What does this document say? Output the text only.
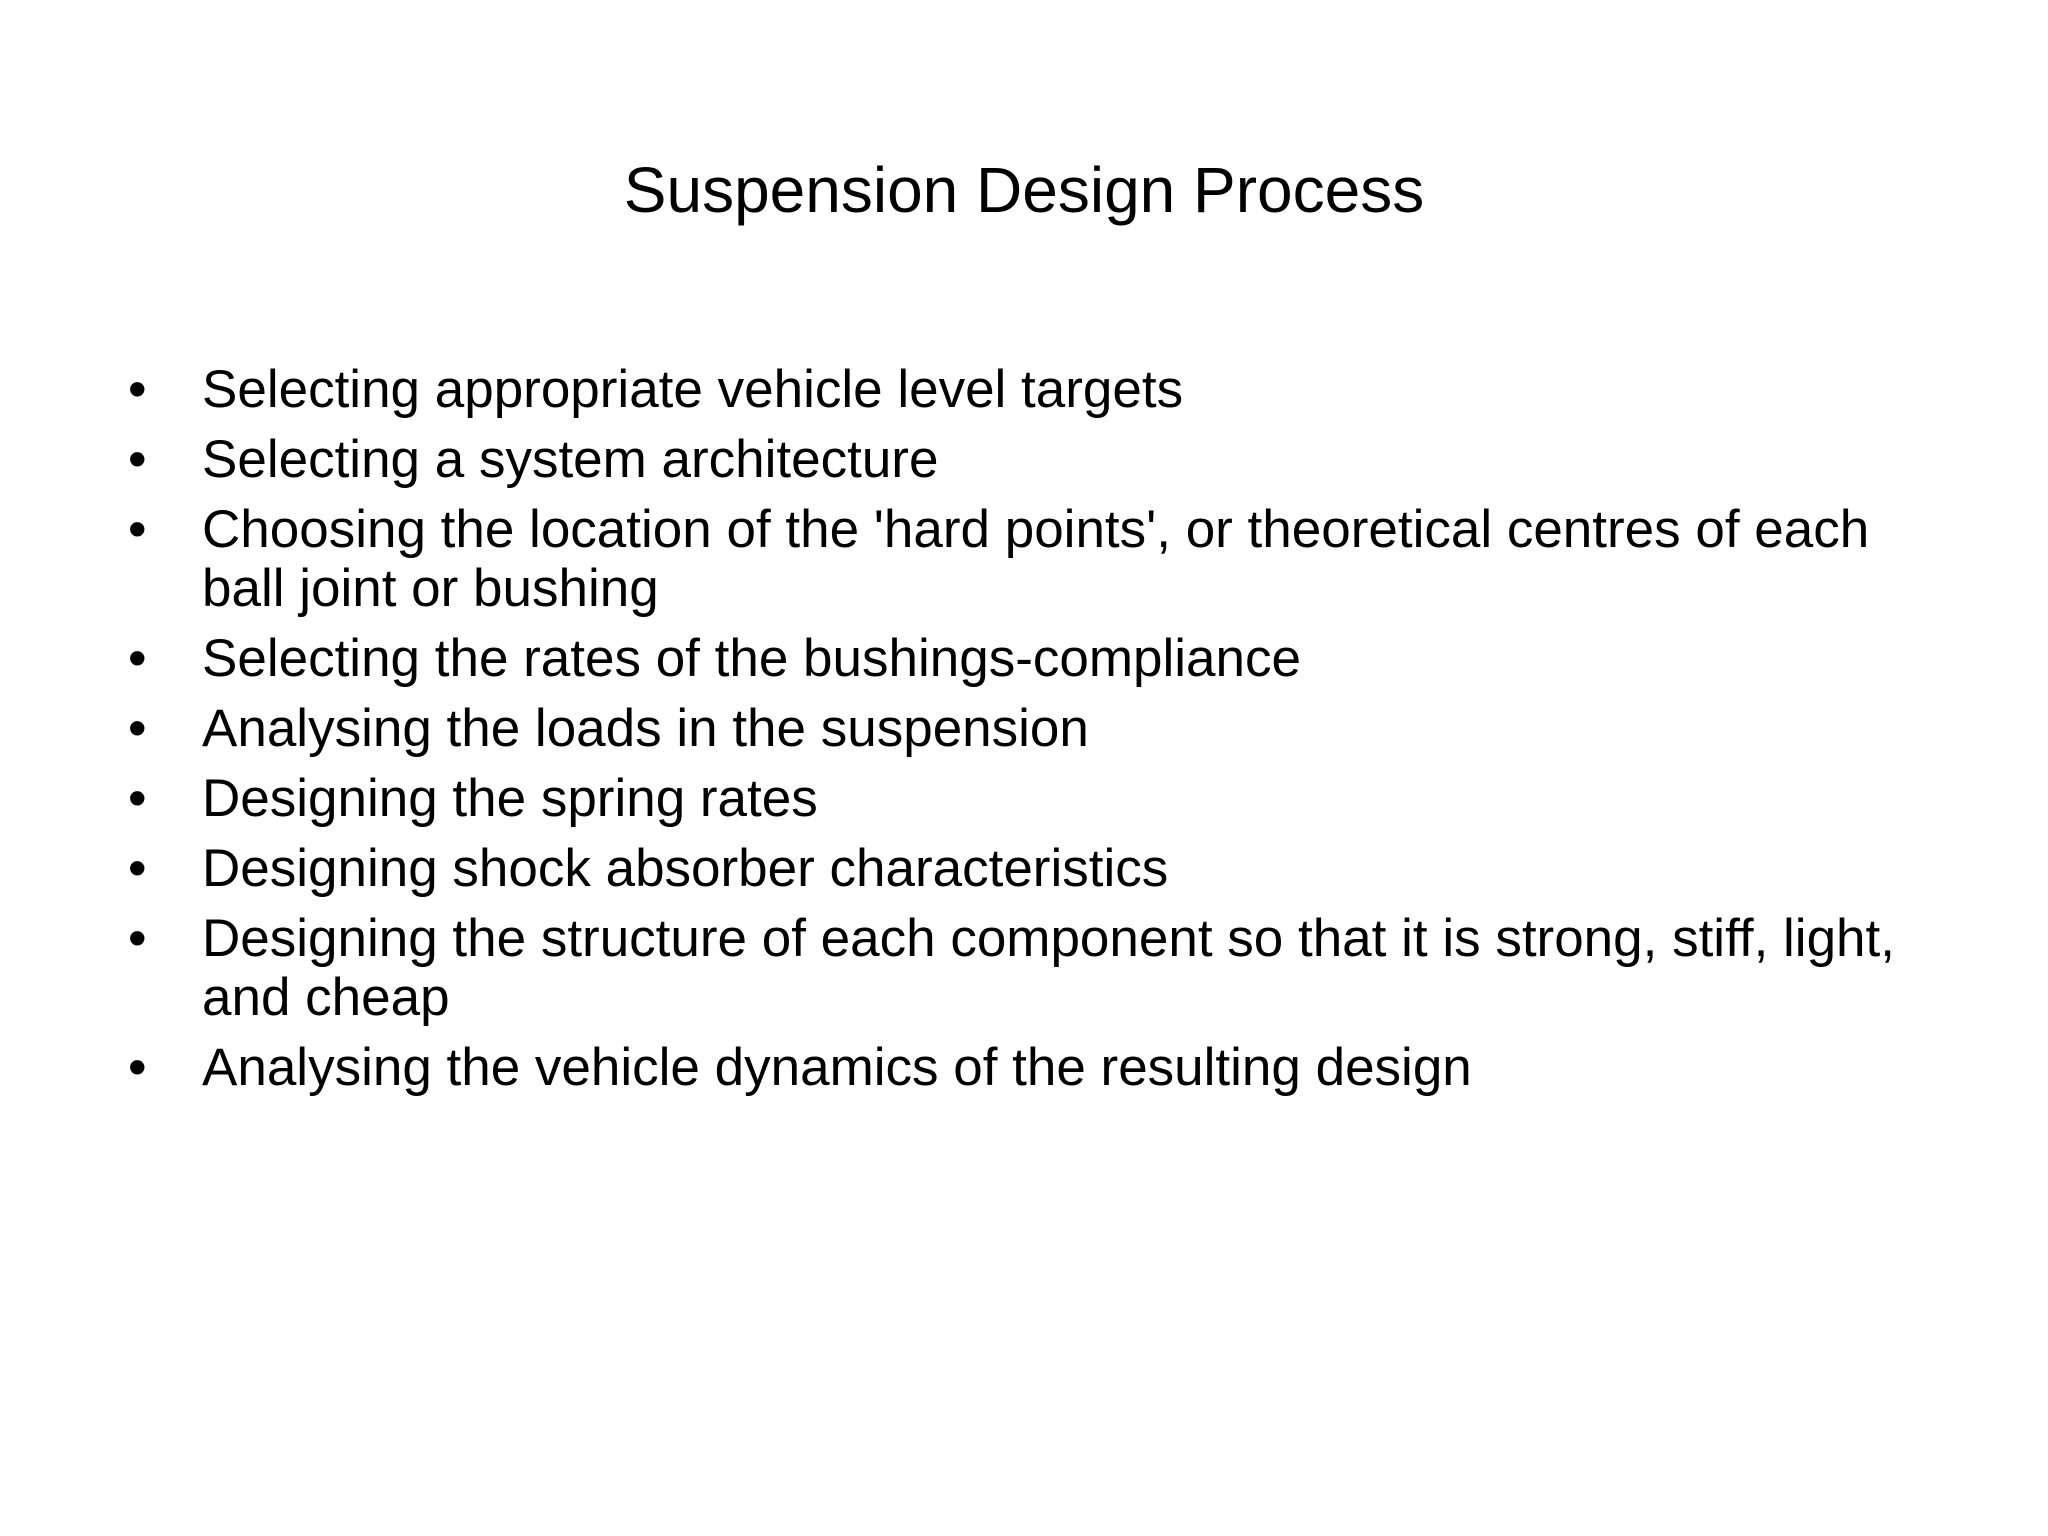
Suspension Design Process
•	Selecting appropriate vehicle level targets
•	Selecting a system architecture
•	Choosing the location of the 'hard points', or theoretical centres of each ball joint or bushing
•	Selecting the rates of the bushings-compliance
•	Analysing the loads in the suspension
•	Designing the spring rates
•	Designing shock absorber characteristics
•	Designing the structure of each component so that it is strong, stiff, light, and cheap
•	Analysing the vehicle dynamics of the resulting design
